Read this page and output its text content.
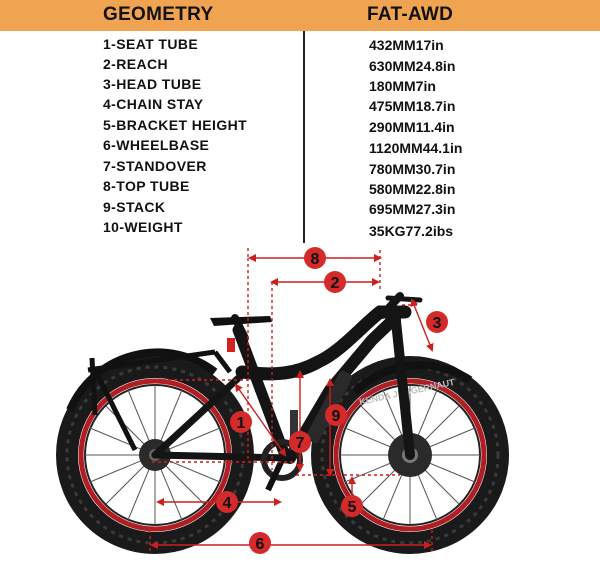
GEOMETRY	FAT-AWD
1-SEAT TUBE	432MM17in
2-REACH	630MM24.8in
3-HEAD TUBE	180MM7in
4-CHAIN STAY	475MM18.7in
5-BRACKET HEIGHT	290MM11.4in
6-WHEELBASE	1120MM44.1in
7-STANDOVER	780MM30.7in
8-TOP TUBE	580MM22.8in
9-STACK	695MM27.3in
10-WEIGHT	35KG77.2ibs
KENDA JUGGERNAUT
8
2
3
1	9
7
4	5
6
